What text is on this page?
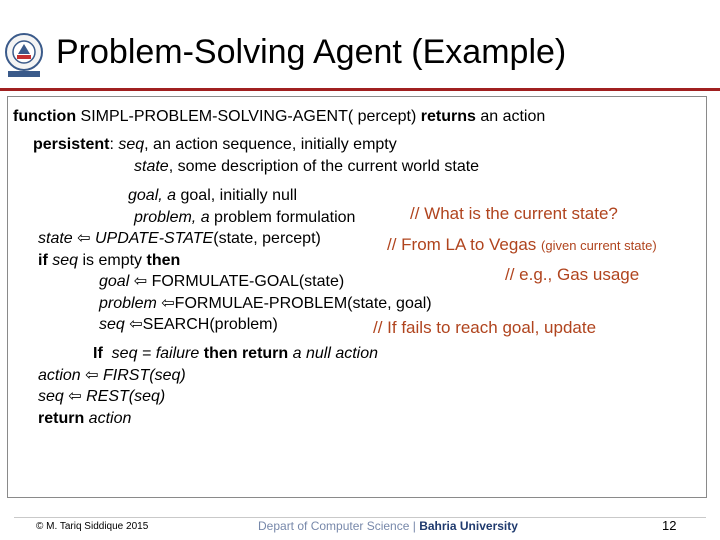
Problem-Solving Agent (Example)
function SIMPL-PROBLEM-SOLVING-AGENT( percept) returns an action
persistent: seq, an action sequence, initially empty
state, some description of the current world state
goal, a goal, initially null
problem, a problem formulation
state ⇦ UPDATE-STATE(state, percept)
if seq is empty then
goal ⇦ FORMULATE-GOAL(state)
problem ⇦FORMULAE-PROBLEM(state, goal)
seq ⇦SEARCH(problem)
If seq = failure then return a null action
action ⇦ FIRST(seq)
seq ⇦ REST(seq)
return action
// What is the current state?
// From LA to Vegas (given current state)
// e.g., Gas usage
// If fails to reach goal, update
© M. Tariq Siddique 2015	Depart of Computer Science | Bahria University	12
